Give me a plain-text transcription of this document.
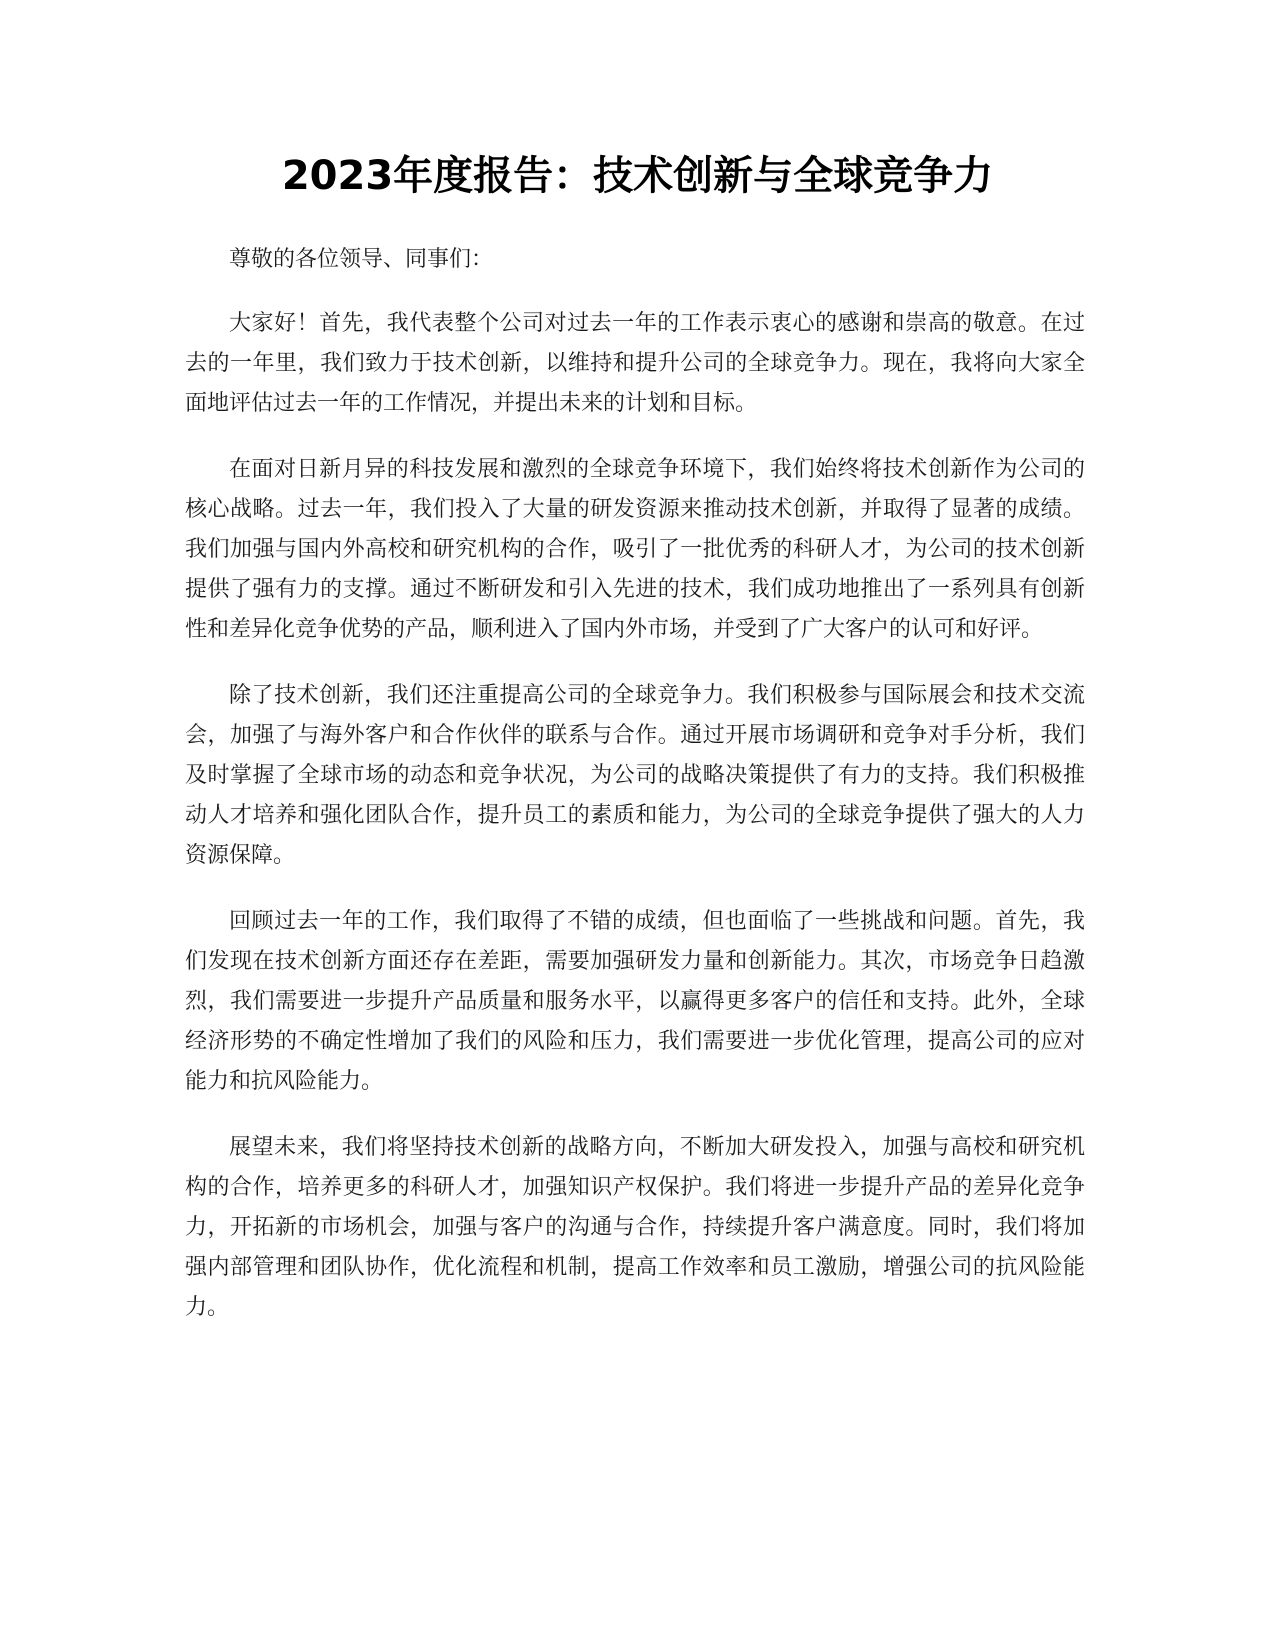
2023年度报告：技术创新与全球竞争力

尊敬的各位领导、同事们：

大家好！首先，我代表整个公司对过去一年的工作表示衷心的感谢和崇高的敬意。在过去的一年里，我们致力于技术创新，以维持和提升公司的全球竞争力。现在，我将向大家全面地评估过去一年的工作情况，并提出未来的计划和目标。

在面对日新月异的科技发展和激烈的全球竞争环境下，我们始终将技术创新作为公司的核心战略。过去一年，我们投入了大量的研发资源来推动技术创新，并取得了显著的成绩。我们加强与国内外高校和研究机构的合作，吸引了一批优秀的科研人才，为公司的技术创新提供了强有力的支撑。通过不断研发和引入先进的技术，我们成功地推出了一系列具有创新性和差异化竞争优势的产品，顺利进入了国内外市场，并受到了广大客户的认可和好评。

除了技术创新，我们还注重提高公司的全球竞争力。我们积极参与国际展会和技术交流会，加强了与海外客户和合作伙伴的联系与合作。通过开展市场调研和竞争对手分析，我们及时掌握了全球市场的动态和竞争状况，为公司的战略决策提供了有力的支持。我们积极推动人才培养和强化团队合作，提升员工的素质和能力，为公司的全球竞争提供了强大的人力资源保障。

回顾过去一年的工作，我们取得了不错的成绩，但也面临了一些挑战和问题。首先，我们发现在技术创新方面还存在差距，需要加强研发力量和创新能力。其次，市场竞争日趋激烈，我们需要进一步提升产品质量和服务水平，以赢得更多客户的信任和支持。此外，全球经济形势的不确定性增加了我们的风险和压力，我们需要进一步优化管理，提高公司的应对能力和抗风险能力。

展望未来，我们将坚持技术创新的战略方向，不断加大研发投入，加强与高校和研究机构的合作，培养更多的科研人才，加强知识产权保护。我们将进一步提升产品的差异化竞争力，开拓新的市场机会，加强与客户的沟通与合作，持续提升客户满意度。同时，我们将加强内部管理和团队协作，优化流程和机制，提高工作效率和员工激励，增强公司的抗风险能力。
